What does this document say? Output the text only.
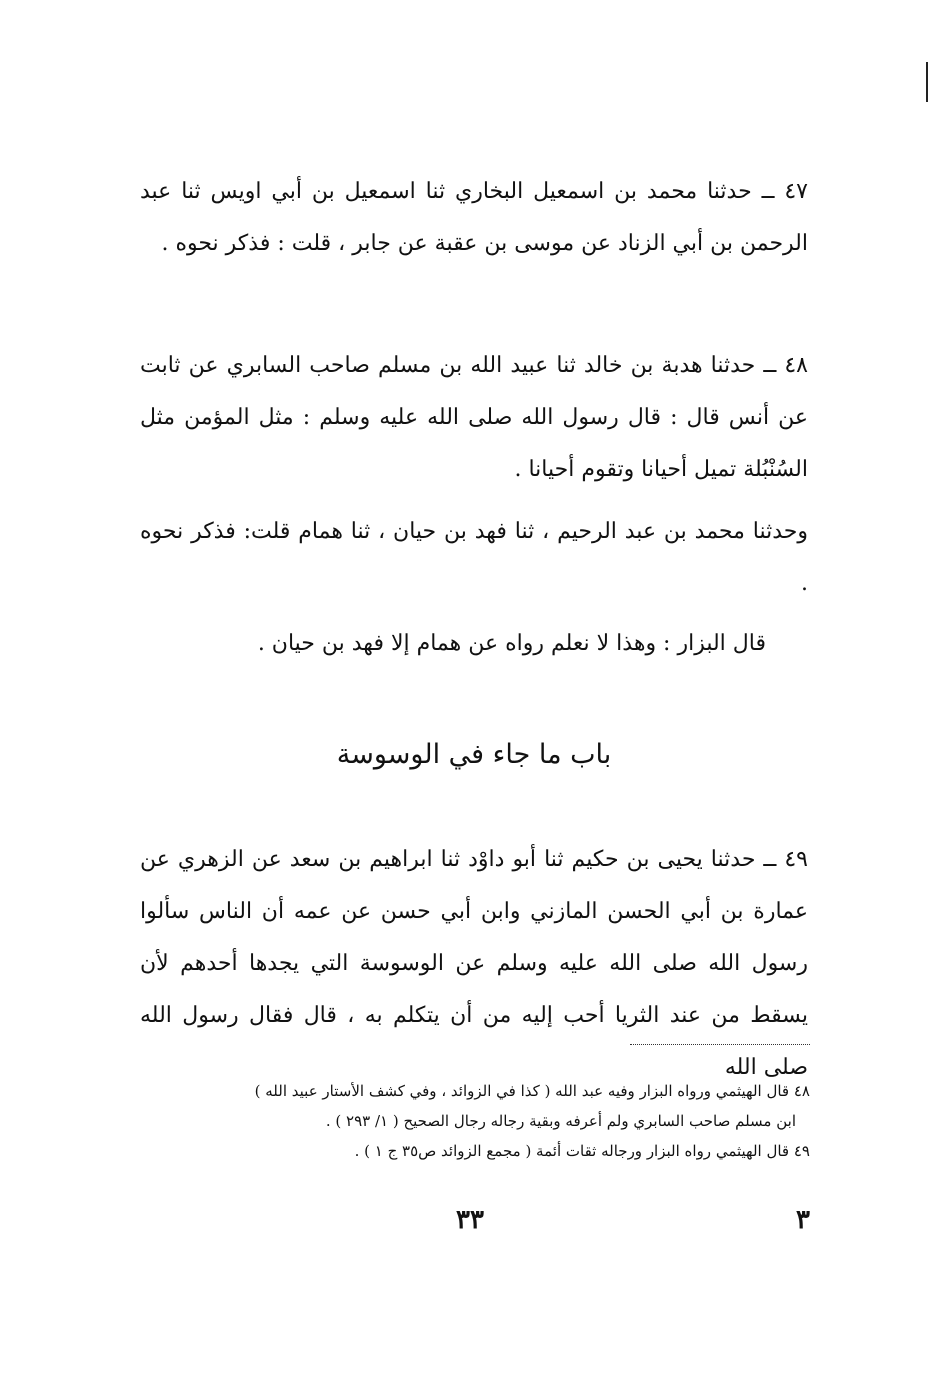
٤٧ ــ حدثنا محمد بن اسمعيل البخاري ثنا اسمعيل بن أبي اويس ثنا عبد الرحمن بن أبي الزناد عن موسى بن عقبة عن جابر ، قلت : فذكر نحوه .

٤٨ ــ حدثنا هدبة بن خالد ثنا عبيد الله بن مسلم صاحب السابري عن ثابت عن أنس قال : قال رسول الله صلى الله عليه وسلم : مثل المؤمن مثل السُنْبُلة تميل أحيانا وتقوم أحيانا .

وحدثنا محمد بن عبد الرحيم ، ثنا فهد بن حيان ، ثنا همام قلت: فذكر نحوه .

قال البزار : وهذا لا نعلم رواه عن همام إلا فهد بن حيان .

باب ما جاء في الوسوسة

٤٩ ــ حدثنا يحيى بن حكيم ثنا أبو داوْد ثنا ابراهيم بن سعد عن الزهري عن عمارة بن أبي الحسن المازني وابن أبي حسن عن عمه أن الناس سألوا رسول الله صلى الله عليه وسلم عن الوسوسة التي يجدها أحدهم لأن يسقط من عند الثريا أحب إليه من أن يتكلم به ، قال فقال رسول الله صلى الله

٤٨ قال الهيثمي ورواه البزار وفيه عبد الله ( كذا في الزوائد ، وفي كشف الأستار عبيد الله )
ابن مسلم صاحب السابري ولم أعرفه وبقية رجاله رجال الصحيح ( ١/ ٢٩٣ ) .
٤٩ قال الهيثمي رواه البزار ورجاله ثقات أئمة ( مجمع الزوائد ص٣٥ ج ١ ) .
٣٣	٣
